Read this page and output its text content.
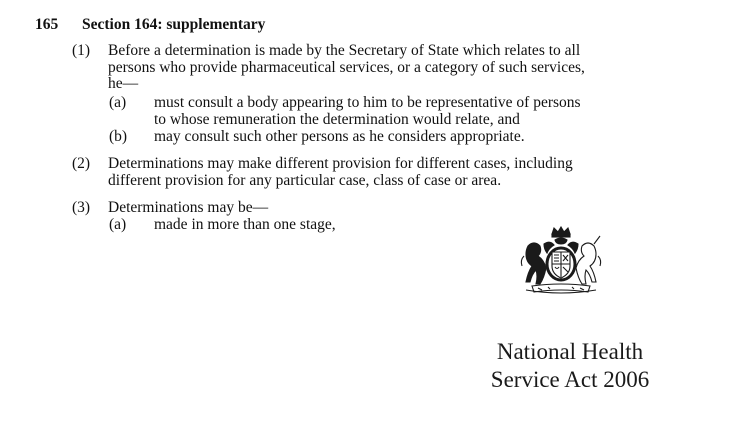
165 Section 164: supplementary
(1) Before a determination is made by the Secretary of State which relates to all
persons who provide pharmaceutical services, or a category of such services,
he—
(a) must consult a body appearing to him to be representative of persons
to whose remuneration the determination would relate, and
(b) may consult such other persons as he considers appropriate.
(2) Determinations may make different provision for different cases, including
different provision for any particular case, class of case or area.
(3) Determinations may be—
(a) made in more than one stage,
National Health
Service Act 2006
